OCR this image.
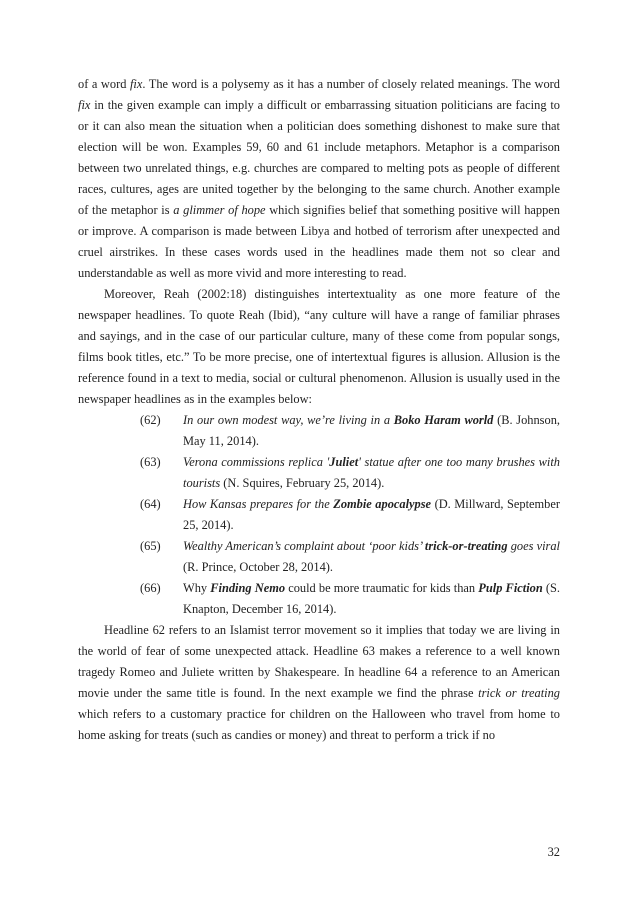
of a word fix. The word is a polysemy as it has a number of closely related meanings. The word fix in the given example can imply a difficult or embarrassing situation politicians are facing to or it can also mean the situation when a politician does something dishonest to make sure that election will be won. Examples 59, 60 and 61 include metaphors. Metaphor is a comparison between two unrelated things, e.g. churches are compared to melting pots as people of different races, cultures, ages are united together by the belonging to the same church. Another example of the metaphor is a glimmer of hope which signifies belief that something positive will happen or improve. A comparison is made between Libya and hotbed of terrorism after unexpected and cruel airstrikes. In these cases words used in the headlines made them not so clear and understandable as well as more vivid and more interesting to read.

Moreover, Reah (2002:18) distinguishes intertextuality as one more feature of the newspaper headlines. To quote Reah (Ibid), “any culture will have a range of familiar phrases and sayings, and in the case of our particular culture, many of these come from popular songs, films book titles, etc.” To be more precise, one of intertextual figures is allusion. Allusion is the reference found in a text to media, social or cultural phenomenon. Allusion is usually used in the newspaper headlines as in the examples below:

(62)	In our own modest way, we’re living in a Boko Haram world (B. Johnson, May 11, 2014).
(63)	Verona commissions replica 'Juliet' statue after one too many brushes with tourists (N. Squires, February 25, 2014).
(64)	How Kansas prepares for the Zombie apocalypse (D. Millward, September 25, 2014).
(65)	Wealthy American’s complaint about ‘poor kids’ trick-or-treating goes viral (R. Prince, October 28, 2014).
(66)	Why Finding Nemo could be more traumatic for kids than Pulp Fiction (S. Knapton, December 16, 2014).

Headline 62 refers to an Islamist terror movement so it implies that today we are living in the world of fear of some unexpected attack. Headline 63 makes a reference to a well known tragedy Romeo and Juliete written by Shakespeare. In headline 64 a reference to an American movie under the same title is found. In the next example we find the phrase trick or treating which refers to a customary practice for children on the Halloween who travel from home to home asking for treats (such as candies or money) and threat to perform a trick if no

32
